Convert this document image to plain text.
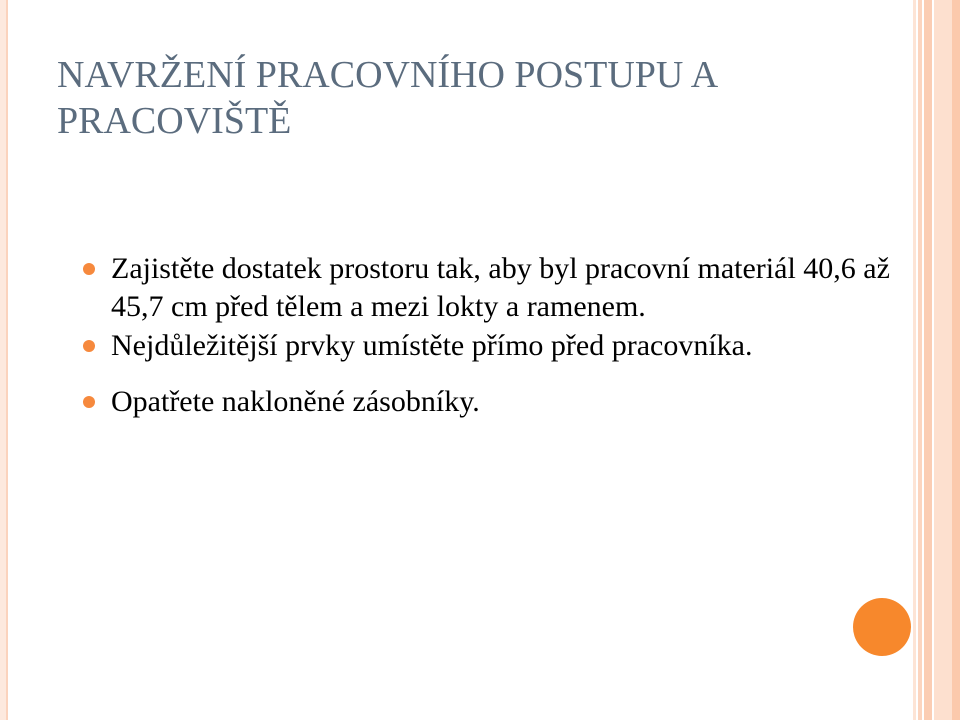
NAVRŽENÍ PRACOVNÍHO POSTUPU A PRACOVIŠTĚ
Zajistěte dostatek prostoru tak, aby byl pracovní materiál 40,6 až 45,7 cm před tělem a mezi lokty a ramenem.
Nejdůležitější prvky umístěte přímo před pracovníka.
Opatřete nakloněné zásobníky.
